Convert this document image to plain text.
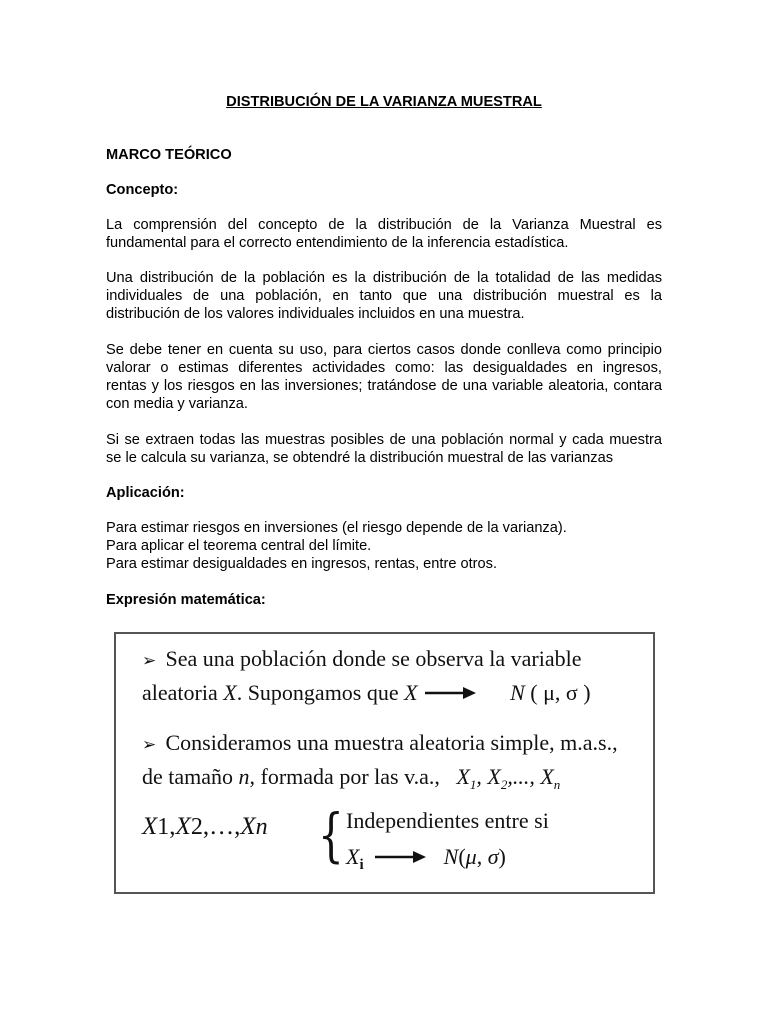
DISTRIBUCIÓN DE LA VARIANZA MUESTRAL
MARCO TEÓRICO
Concepto:
La comprensión del concepto de la distribución de la Varianza Muestral es
fundamental para el correcto entendimiento de la inferencia estadística.
Una distribución de la población es la distribución de la totalidad de las medidas
individuales de una población, en tanto que una distribución muestral es la
distribución de los valores individuales incluidos en una muestra.
Se debe tener en cuenta su uso, para ciertos casos donde conlleva como principio
valorar o estimas diferentes actividades como: las desigualdades en ingresos,
rentas y los riesgos en las inversiones; tratándose de una variable aleatoria, contara
con media y varianza.
Si se extraen todas las muestras posibles de una población normal y cada muestra
se le calcula su varianza, se obtendré la distribución muestral de las varianzas
Aplicación:
Para estimar riesgos en inversiones (el riesgo depende de la varianza).
Para aplicar el teorema central del límite.
Para estimar desigualdades en ingresos, rentas, entre otros.
Expresión matemática:
➢ Sea una población donde se observa la variable
aleatoria X. Supongamos que X	N ( μ, σ )
➢ Consideramos una muestra aleatoria simple, m.a.s.,
de tamaño n, formada por las v.a.,   $X_1$, $X_2$,..., $X_n$
X1,X2,…,Xn { Independientes entre si
$X_i$	N(μ, σ)
